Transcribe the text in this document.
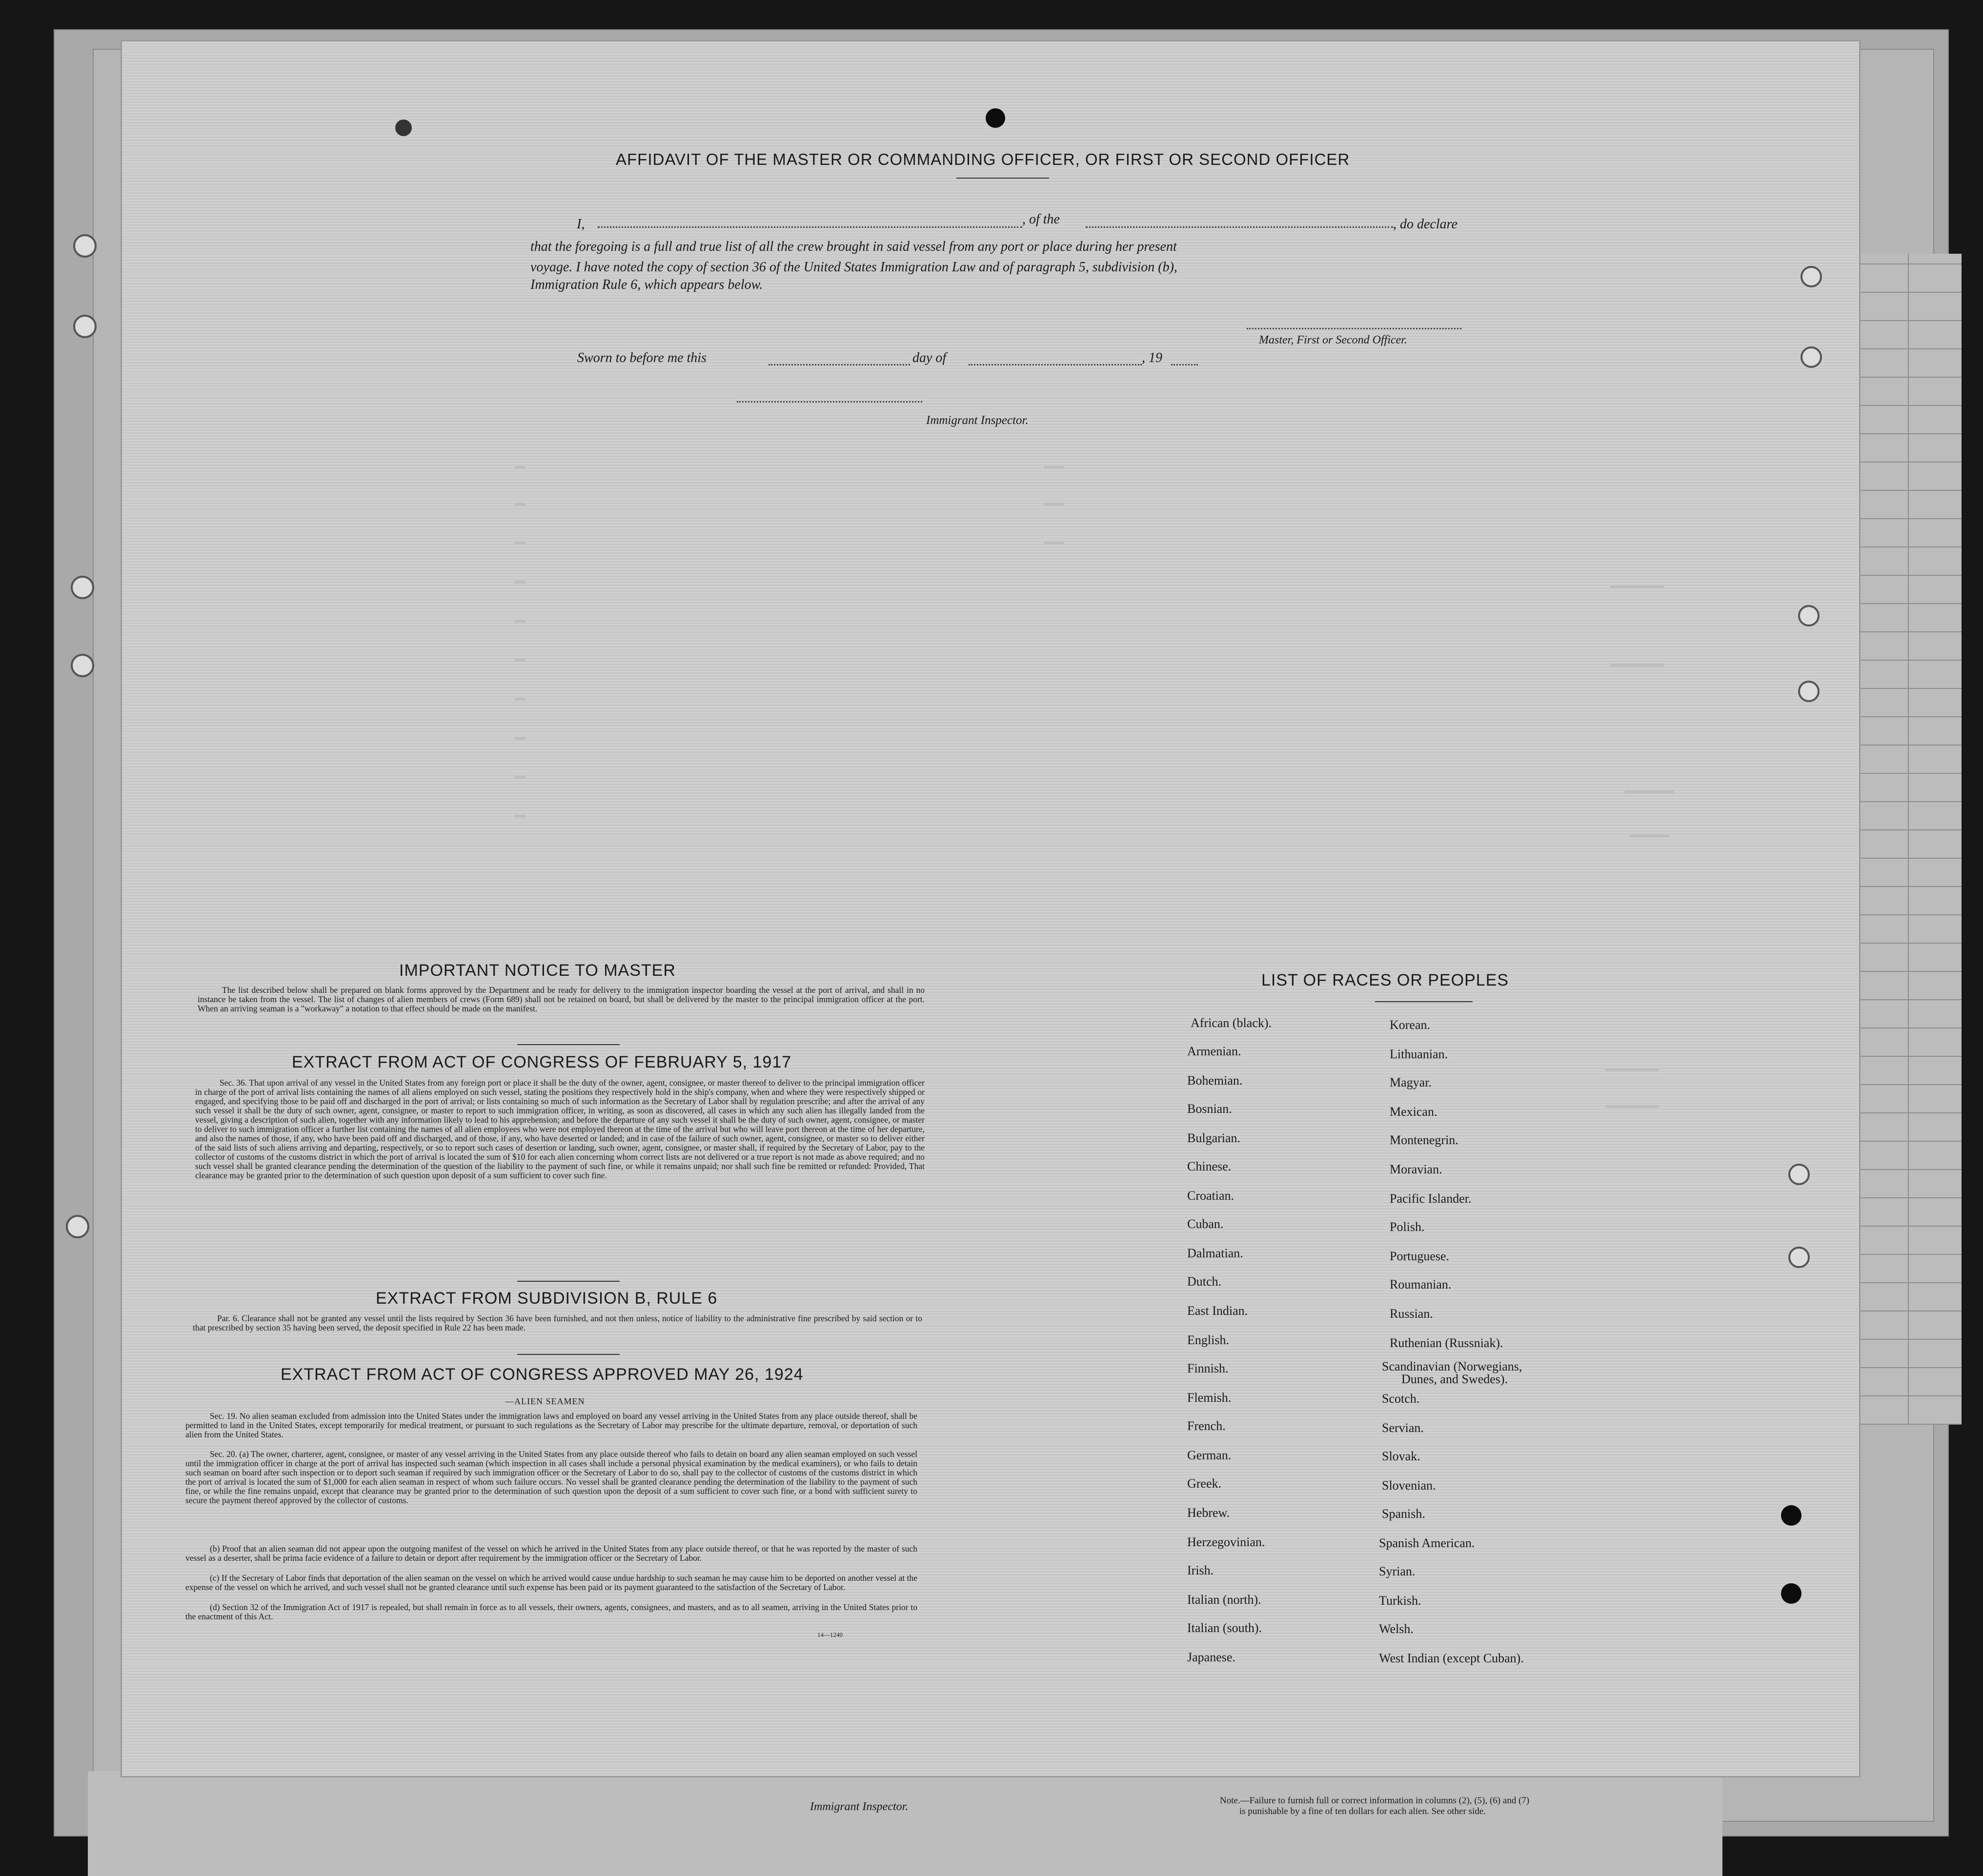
Immigrant Inspector.	Note.—Failure to furnish full or correct information in columns (2), (5), (6) and (7)
is punishable by a fine of ten dollars for each alien. See other side.
AFFIDAVIT OF THE MASTER OR COMMANDING OFFICER, OR FIRST OR SECOND OFFICER
I,	, of the	, do declare
that the foregoing is a full and true list of all the crew brought in said vessel from any port or place during her present
voyage. I have noted the copy of section 36 of the United States Immigration Law and of paragraph 5, subdivision (b),
Immigration Rule 6, which appears below.
Master, First or Second Officer.
Sworn to before me this	day of	, 19
Immigrant Inspector.
IMPORTANT NOTICE TO MASTER
The list described below shall be prepared on blank forms approved by the Department and be ready for delivery to the immigration inspector boarding the vessel at the port of arrival, and shall in no instance be taken from the vessel. The list of changes of alien members of crews (Form 689) shall not be retained on board, but shall be delivered by the master to the principal immigration officer at the port. When an arriving seaman is a "workaway" a notation to that effect should be made on the manifest.
EXTRACT FROM ACT OF CONGRESS OF FEBRUARY 5, 1917
Sec. 36. That upon arrival of any vessel in the United States from any foreign port or place it shall be the duty of the owner, agent, consignee, or master thereof to deliver to the principal immigration officer in charge of the port of arrival lists containing the names of all aliens employed on such vessel, stating the positions they respectively hold in the ship's company, when and where they were respectively shipped or engaged, and specifying those to be paid off and discharged in the port of arrival; or lists containing so much of such information as the Secretary of Labor shall by regulation prescribe; and after the arrival of any such vessel it shall be the duty of such owner, agent, consignee, or master to report to such immigration officer, in writing, as soon as discovered, all cases in which any such alien has illegally landed from the vessel, giving a description of such alien, together with any information likely to lead to his apprehension; and before the departure of any such vessel it shall be the duty of such owner, agent, consignee, or master to deliver to such immigration officer a further list containing the names of all alien employees who were not employed thereon at the time of the arrival but who will leave port thereon at the time of her departure, and also the names of those, if any, who have been paid off and discharged, and of those, if any, who have deserted or landed; and in case of the failure of such owner, agent, consignee, or master so to deliver either of the said lists of such aliens arriving and departing, respectively, or so to report such cases of desertion or landing, such owner, agent, consignee, or master shall, if required by the Secretary of Labor, pay to the collector of customs of the customs district in which the port of arrival is located the sum of $10 for each alien concerning whom correct lists are not delivered or a true report is not made as above required; and no such vessel shall be granted clearance pending the determination of the question of the liability to the payment of such fine, or while it remains unpaid; nor shall such fine be remitted or refunded: Provided, That clearance may be granted prior to the determination of such question upon deposit of a sum sufficient to cover such fine.
EXTRACT FROM SUBDIVISION B, RULE 6
Par. 6. Clearance shall not be granted any vessel until the lists required by Section 36 have been furnished, and not then unless, notice of liability to the administrative fine prescribed by said section or to that prescribed by section 35 having been served, the deposit specified in Rule 22 has been made.
EXTRACT FROM ACT OF CONGRESS APPROVED MAY 26, 1924
—ALIEN SEAMEN
Sec. 19. No alien seaman excluded from admission into the United States under the immigration laws and employed on board any vessel arriving in the United States from any place outside thereof, shall be permitted to land in the United States, except temporarily for medical treatment, or pursuant to such regulations as the Secretary of Labor may prescribe for the ultimate departure, removal, or deportation of such alien from the United States.
Sec. 20. (a) The owner, charterer, agent, consignee, or master of any vessel arriving in the United States from any place outside thereof who fails to detain on board any alien seaman employed on such vessel until the immigration officer in charge at the port of arrival has inspected such seaman (which inspection in all cases shall include a personal physical examination by the medical examiners), or who fails to detain such seaman on board after such inspection or to deport such seaman if required by such immigration officer or the Secretary of Labor to do so, shall pay to the collector of customs of the customs district in which the port of arrival is located the sum of $1,000 for each alien seaman in respect of whom such failure occurs. No vessel shall be granted clearance pending the determination of the liability to the payment of such fine, or while the fine remains unpaid, except that clearance may be granted prior to the determination of such question upon the deposit of a sum sufficient to cover such fine, or a bond with sufficient surety to secure the payment thereof approved by the collector of customs.
(b) Proof that an alien seaman did not appear upon the outgoing manifest of the vessel on which he arrived in the United States from any place outside thereof, or that he was reported by the master of such vessel as a deserter, shall be prima facie evidence of a failure to detain or deport after requirement by the immigration officer or the Secretary of Labor.
(c) If the Secretary of Labor finds that deportation of the alien seaman on the vessel on which he arrived would cause undue hardship to such seaman he may cause him to be deported on another vessel at the expense of the vessel on which he arrived, and such vessel shall not be granted clearance until such expense has been paid or its payment guaranteed to the satisfaction of the Secretary of Labor.
(d) Section 32 of the Immigration Act of 1917 is repealed, but shall remain in force as to all vessels, their owners, agents, consignees, and masters, and as to all seamen, arriving in the United States prior to the enactment of this Act.
14—1240
LIST OF RACES OR PEOPLES
African (black).
Armenian.
Bohemian.
Bosnian.
Bulgarian.
Chinese.
Croatian.
Cuban.
Dalmatian.
Dutch.
East Indian.
English.
Finnish.
Flemish.
French.
German.
Greek.
Hebrew.
Herzegovinian.
Irish.
Italian (north).
Italian (south).
Japanese.
Korean.
Lithuanian.
Magyar.
Mexican.
Montenegrin.
Moravian.
Pacific Islander.
Polish.
Portuguese.
Roumanian.
Russian.
Ruthenian (Russniak).
Scandinavian (Norwegians,
Dunes, and Swedes).
Scotch.
Servian.
Slovak.
Slovenian.
Spanish.
Spanish American.
Syrian.
Turkish.
Welsh.
West Indian (except Cuban).
